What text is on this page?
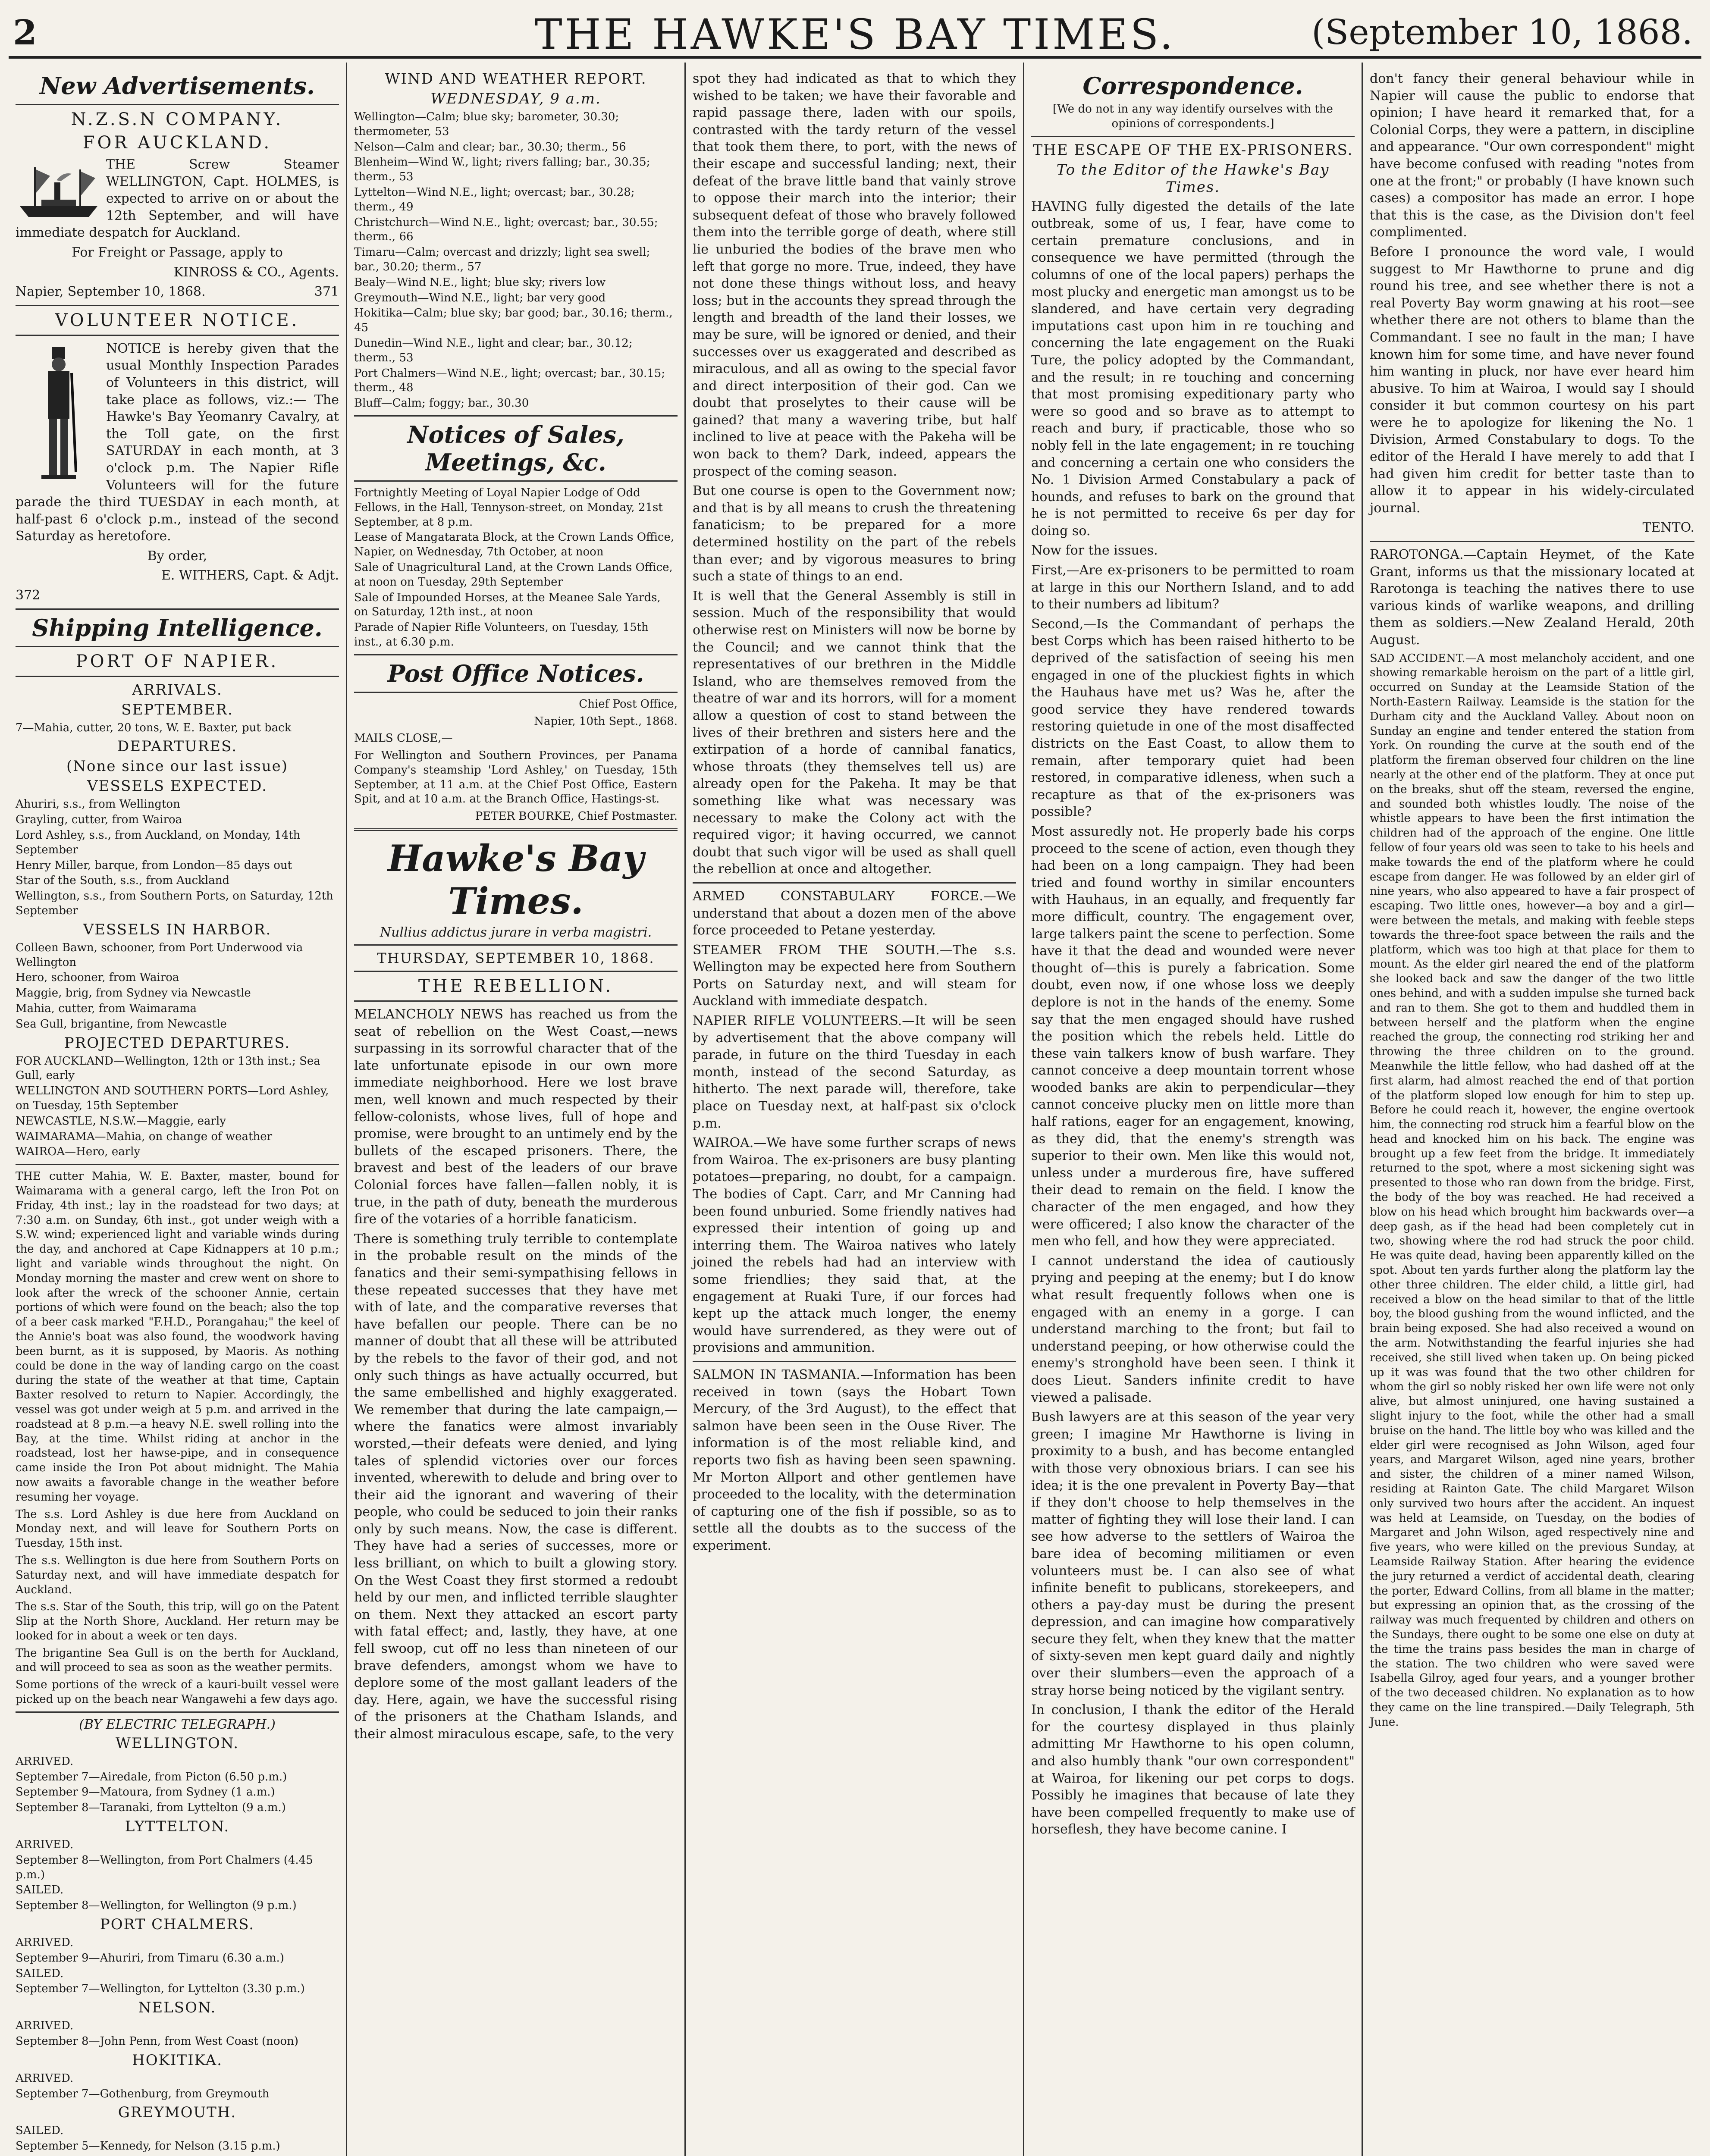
2	THE HAWKE'S BAY TIMES.	(September 10, 1868.
New Advertisements.
N.Z.S.N COMPANY.
FOR AUCKLAND.

THE Screw Steamer WELLINGTON, Capt. HOLMES, is expected to arrive on or about the 12th September, and will have immediate despatch for Auckland.

For Freight or Passage, apply to

KINROSS & CO., Agents.

Napier, September 10, 1868.	371

VOLUNTEER NOTICE.

NOTICE is hereby given that the usual Monthly Inspection Parades of Volunteers in this district, will take place as follows, viz.:— The Hawke's Bay Yeomanry Cavalry, at the Toll gate, on the first SATURDAY in each month, at 3 o'clock p.m. The Napier Rifle Volunteers will for the future parade the third TUESDAY in each month, at half-past 6 o'clock p.m., instead of the second Saturday as heretofore.

By order,

E. WITHERS, Capt. & Adjt.

372

Shipping Intelligence.
PORT OF NAPIER.
ARRIVALS.
SEPTEMBER.

7—Mahia, cutter, 20 tons, W. E. Baxter, put back

DEPARTURES.
(None since our last issue)
VESSELS EXPECTED.
Ahuriri, s.s., from Wellington
Grayling, cutter, from Wairoa
Lord Ashley, s.s., from Auckland, on Monday, 14th September
Henry Miller, barque, from London—85 days out
Star of the South, s.s., from Auckland
Wellington, s.s., from Southern Ports, on Saturday, 12th September
VESSELS IN HARBOR.
Colleen Bawn, schooner, from Port Underwood via Wellington
Hero, schooner, from Wairoa
Maggie, brig, from Sydney via Newcastle
Mahia, cutter, from Waimarama
Sea Gull, brigantine, from Newcastle
PROJECTED DEPARTURES.
FOR AUCKLAND—Wellington, 12th or 13th inst.; Sea Gull, early
WELLINGTON AND SOUTHERN PORTS—Lord Ashley, on Tuesday, 15th September
NEWCASTLE, N.S.W.—Maggie, early
WAIMARAMA—Mahia, on change of weather
WAIROA—Hero, early

THE cutter Mahia, W. E. Baxter, master, bound for Waimarama with a general cargo, left the Iron Pot on Friday, 4th inst.; lay in the roadstead for two days; at 7:30 a.m. on Sunday, 6th inst., got under weigh with a S.W. wind; experienced light and variable winds during the day, and anchored at Cape Kidnappers at 10 p.m.; light and variable winds throughout the night. On Monday morning the master and crew went on shore to look after the wreck of the schooner Annie, certain portions of which were found on the beach; also the top of a beer cask marked "F.H.D., Porangahau;" the keel of the Annie's boat was also found, the woodwork having been burnt, as it is supposed, by Maoris. As nothing could be done in the way of landing cargo on the coast during the state of the weather at that time, Captain Baxter resolved to return to Napier. Accordingly, the vessel was got under weigh at 5 p.m. and arrived in the roadstead at 8 p.m.—a heavy N.E. swell rolling into the Bay, at the time. Whilst riding at anchor in the roadstead, lost her hawse-pipe, and in consequence came inside the Iron Pot about midnight. The Mahia now awaits a favorable change in the weather before resuming her voyage.

The s.s. Lord Ashley is due here from Auckland on Monday next, and will leave for Southern Ports on Tuesday, 15th inst.

The s.s. Wellington is due here from Southern Ports on Saturday next, and will have immediate despatch for Auckland.

The s.s. Star of the South, this trip, will go on the Patent Slip at the North Shore, Auckland. Her return may be looked for in about a week or ten days.

The brigantine Sea Gull is on the berth for Auckland, and will proceed to sea as soon as the weather permits.

Some portions of the wreck of a kauri-built vessel were picked up on the beach near Wangawehi a few days ago.

(BY ELECTRIC TELEGRAPH.)
WELLINGTON.
ARRIVED.
September 7—Airedale, from Picton (6.50 p.m.)
September 9—Matoura, from Sydney (1 a.m.)
September 8—Taranaki, from Lyttelton (9 a.m.)
LYTTELTON.
ARRIVED.
September 8—Wellington, from Port Chalmers (4.45 p.m.)
SAILED.
September 8—Wellington, for Wellington (9 p.m.)
PORT CHALMERS.
ARRIVED.
September 9—Ahuriri, from Timaru (6.30 a.m.)
SAILED.
September 7—Wellington, for Lyttelton (3.30 p.m.)
NELSON.
ARRIVED.
September 8—John Penn, from West Coast (noon)
HOKITIKA.
ARRIVED.
September 7—Gothenburg, from Greymouth
GREYMOUTH.
SAILED.
September 5—Kennedy, for Nelson (3.15 p.m.)
WIND AND WEATHER REPORT.
WEDNESDAY, 9 a.m.
Wellington—Calm; blue sky; barometer, 30.30; thermometer, 53
Nelson—Calm and clear; bar., 30.30; therm., 56
Blenheim—Wind W., light; rivers falling; bar., 30.35; therm., 53
Lyttelton—Wind N.E., light; overcast; bar., 30.28; therm., 49
Christchurch—Wind N.E., light; overcast; bar., 30.55; therm., 66
Timaru—Calm; overcast and drizzly; light sea swell; bar., 30.20; therm., 57
Bealy—Wind N.E., light; blue sky; rivers low
Greymouth—Wind N.E., light; bar very good
Hokitika—Calm; blue sky; bar good; bar., 30.16; therm., 45
Dunedin—Wind N.E., light and clear; bar., 30.12; therm., 53
Port Chalmers—Wind N.E., light; overcast; bar., 30.15; therm., 48
Bluff—Calm; foggy; bar., 30.30
Notices of Sales, Meetings, &c.
Fortnightly Meeting of Loyal Napier Lodge of Odd Fellows, in the Hall, Tennyson-street, on Monday, 21st September, at 8 p.m.
Lease of Mangatarata Block, at the Crown Lands Office, Napier, on Wednesday, 7th October, at noon
Sale of Unagricultural Land, at the Crown Lands Office, at noon on Tuesday, 29th September
Sale of Impounded Horses, at the Meanee Sale Yards, on Saturday, 12th inst., at noon
Parade of Napier Rifle Volunteers, on Tuesday, 15th inst., at 6.30 p.m.
Post Office Notices.

Chief Post Office,

Napier, 10th Sept., 1868.

MAILS CLOSE,—

For Wellington and Southern Provinces, per Panama Company's steamship 'Lord Ashley,' on Tuesday, 15th September, at 11 a.m. at the Chief Post Office, Eastern Spit, and at 10 a.m. at the Branch Office, Hastings-st.

PETER BOURKE, Chief Postmaster.

Hawke's Bay Times.
Nullius addictus jurare in verba magistri.
THURSDAY, SEPTEMBER 10, 1868.
THE REBELLION.

MELANCHOLY NEWS has reached us from the seat of rebellion on the West Coast,—news surpassing in its sorrowful character that of the late unfortunate episode in our own more immediate neighborhood. Here we lost brave men, well known and much respected by their fellow-colonists, whose lives, full of hope and promise, were brought to an untimely end by the bullets of the escaped prisoners. There, the bravest and best of the leaders of our brave Colonial forces have fallen—fallen nobly, it is true, in the path of duty, beneath the murderous fire of the votaries of a horrible fanaticism.

There is something truly terrible to contemplate in the probable result on the minds of the fanatics and their semi-sympathising fellows in these repeated successes that they have met with of late, and the comparative reverses that have befallen our people. There can be no manner of doubt that all these will be attributed by the rebels to the favor of their god, and not only such things as have actually occurred, but the same embellished and highly exaggerated. We remember that during the late campaign,—where the fanatics were almost invariably worsted,—their defeats were denied, and lying tales of splendid victories over our forces invented, wherewith to delude and bring over to their aid the ignorant and wavering of their people, who could be seduced to join their ranks only by such means. Now, the case is different. They have had a series of successes, more or less brilliant, on which to built a glowing story. On the West Coast they first stormed a redoubt held by our men, and inflicted terrible slaughter on them. Next they attacked an escort party with fatal effect; and, lastly, they have, at one fell swoop, cut off no less than nineteen of our brave defenders, amongst whom we have to deplore some of the most gallant leaders of the day. Here, again, we have the successful rising of the prisoners at the Chatham Islands, and their almost miraculous escape, safe, to the very

spot they had indicated as that to which they wished to be taken; we have their favorable and rapid passage there, laden with our spoils, contrasted with the tardy return of the vessel that took them there, to port, with the news of their escape and successful landing; next, their defeat of the brave little band that vainly strove to oppose their march into the interior; their subsequent defeat of those who bravely followed them into the terrible gorge of death, where still lie unburied the bodies of the brave men who left that gorge no more. True, indeed, they have not done these things without loss, and heavy loss; but in the accounts they spread through the length and breadth of the land their losses, we may be sure, will be ignored or denied, and their successes over us exaggerated and described as miraculous, and all as owing to the special favor and direct interposition of their god. Can we doubt that proselytes to their cause will be gained? that many a wavering tribe, but half inclined to live at peace with the Pakeha will be won back to them? Dark, indeed, appears the prospect of the coming season.

But one course is open to the Government now; and that is by all means to crush the threatening fanaticism; to be prepared for a more determined hostility on the part of the rebels than ever; and by vigorous measures to bring such a state of things to an end.

It is well that the General Assembly is still in session. Much of the responsibility that would otherwise rest on Ministers will now be borne by the Council; and we cannot think that the representatives of our brethren in the Middle Island, who are themselves removed from the theatre of war and its horrors, will for a moment allow a question of cost to stand between the lives of their brethren and sisters here and the extirpation of a horde of cannibal fanatics, whose throats (they themselves tell us) are already open for the Pakeha. It may be that something like what was necessary was necessary to make the Colony act with the required vigor; it having occurred, we cannot doubt that such vigor will be used as shall quell the rebellion at once and altogether.

ARMED CONSTABULARY FORCE.—We understand that about a dozen men of the above force proceeded to Petane yesterday.

STEAMER FROM THE SOUTH.—The s.s. Wellington may be expected here from Southern Ports on Saturday next, and will steam for Auckland with immediate despatch.

NAPIER RIFLE VOLUNTEERS.—It will be seen by advertisement that the above company will parade, in future on the third Tuesday in each month, instead of the second Saturday, as hitherto. The next parade will, therefore, take place on Tuesday next, at half-past six o'clock p.m.

WAIROA.—We have some further scraps of news from Wairoa. The ex-prisoners are busy planting potatoes—preparing, no doubt, for a campaign. The bodies of Capt. Carr, and Mr Canning had been found unburied. Some friendly natives had expressed their intention of going up and interring them. The Wairoa natives who lately joined the rebels had had an interview with some friendlies; they said that, at the engagement at Ruaki Ture, if our forces had kept up the attack much longer, the enemy would have surrendered, as they were out of provisions and ammunition.

SALMON IN TASMANIA.—Information has been received in town (says the Hobart Town Mercury, of the 3rd August), to the effect that salmon have been seen in the Ouse River. The information is of the most reliable kind, and reports two fish as having been seen spawning. Mr Morton Allport and other gentlemen have proceeded to the locality, with the determination of capturing one of the fish if possible, so as to settle all the doubts as to the success of the experiment.

Correspondence.

[We do not in any way identify ourselves with the opinions of correspondents.]

THE ESCAPE OF THE EX-PRISONERS.
To the Editor of the Hawke's Bay Times.

HAVING fully digested the details of the late outbreak, some of us, I fear, have come to certain premature conclusions, and in consequence we have permitted (through the columns of one of the local papers) perhaps the most plucky and energetic man amongst us to be slandered, and have certain very degrading imputations cast upon him in re touching and concerning the late engagement on the Ruaki Ture, the policy adopted by the Commandant, and the result; in re touching and concerning that most promising expeditionary party who were so good and so brave as to attempt to reach and bury, if practicable, those who so nobly fell in the late engagement; in re touching and concerning a certain one who considers the No. 1 Division Armed Constabulary a pack of hounds, and refuses to bark on the ground that he is not permitted to receive 6s per day for doing so.

Now for the issues.

First,—Are ex-prisoners to be permitted to roam at large in this our Northern Island, and to add to their numbers ad libitum?

Second,—Is the Commandant of perhaps the best Corps which has been raised hitherto to be deprived of the satisfaction of seeing his men engaged in one of the pluckiest fights in which the Hauhaus have met us? Was he, after the good service they have rendered towards restoring quietude in one of the most disaffected districts on the East Coast, to allow them to remain, after temporary quiet had been restored, in comparative idleness, when such a recapture as that of the ex-prisoners was possible?

Most assuredly not. He properly bade his corps proceed to the scene of action, even though they had been on a long campaign. They had been tried and found worthy in similar encounters with Hauhaus, in an equally, and frequently far more difficult, country. The engagement over, large talkers paint the scene to perfection. Some have it that the dead and wounded were never thought of—this is purely a fabrication. Some doubt, even now, if one whose loss we deeply deplore is not in the hands of the enemy. Some say that the men engaged should have rushed the position which the rebels held. Little do these vain talkers know of bush warfare. They cannot conceive a deep mountain torrent whose wooded banks are akin to perpendicular—they cannot conceive plucky men on little more than half rations, eager for an engagement, knowing, as they did, that the enemy's strength was superior to their own. Men like this would not, unless under a murderous fire, have suffered their dead to remain on the field. I know the character of the men engaged, and how they were officered; I also know the character of the men who fell, and how they were appreciated.

I cannot understand the idea of cautiously prying and peeping at the enemy; but I do know what result frequently follows when one is engaged with an enemy in a gorge. I can understand marching to the front; but fail to understand peeping, or how otherwise could the enemy's stronghold have been seen. I think it does Lieut. Sanders infinite credit to have viewed a palisade.

Bush lawyers are at this season of the year very green; I imagine Mr Hawthorne is living in proximity to a bush, and has become entangled with those very obnoxious briars. I can see his idea; it is the one prevalent in Poverty Bay—that if they don't choose to help themselves in the matter of fighting they will lose their land. I can see how adverse to the settlers of Wairoa the bare idea of becoming militiamen or even volunteers must be. I can also see of what infinite benefit to publicans, storekeepers, and others a pay-day must be during the present depression, and can imagine how comparatively secure they felt, when they knew that the matter of sixty-seven men kept guard daily and nightly over their slumbers—even the approach of a stray horse being noticed by the vigilant sentry.

In conclusion, I thank the editor of the Herald for the courtesy displayed in thus plainly admitting Mr Hawthorne to his open column, and also humbly thank "our own correspondent" at Wairoa, for likening our pet corps to dogs. Possibly he imagines that because of late they have been compelled frequently to make use of horseflesh, they have become canine. I

don't fancy their general behaviour while in Napier will cause the public to endorse that opinion; I have heard it remarked that, for a Colonial Corps, they were a pattern, in discipline and appearance. "Our own correspondent" might have become confused with reading "notes from one at the front;" or probably (I have known such cases) a compositor has made an error. I hope that this is the case, as the Division don't feel complimented.

Before I pronounce the word vale, I would suggest to Mr Hawthorne to prune and dig round his tree, and see whether there is not a real Poverty Bay worm gnawing at his root—see whether there are not others to blame than the Commandant. I see no fault in the man; I have known him for some time, and have never found him wanting in pluck, nor have ever heard him abusive. To him at Wairoa, I would say I should consider it but common courtesy on his part were he to apologize for likening the No. 1 Division, Armed Constabulary to dogs. To the editor of the Herald I have merely to add that I had given him credit for better taste than to allow it to appear in his widely-circulated journal.

TENTO.

RAROTONGA.—Captain Heymet, of the Kate Grant, informs us that the missionary located at Rarotonga is teaching the natives there to use various kinds of warlike weapons, and drilling them as soldiers.—New Zealand Herald, 20th August.

SAD ACCIDENT.—A most melancholy accident, and one showing remarkable heroism on the part of a little girl, occurred on Sunday at the Leamside Station of the North-Eastern Railway. Leamside is the station for the Durham city and the Auckland Valley. About noon on Sunday an engine and tender entered the station from York. On rounding the curve at the south end of the platform the fireman observed four children on the line nearly at the other end of the platform. They at once put on the breaks, shut off the steam, reversed the engine, and sounded both whistles loudly. The noise of the whistle appears to have been the first intimation the children had of the approach of the engine. One little fellow of four years old was seen to take to his heels and make towards the end of the platform where he could escape from danger. He was followed by an elder girl of nine years, who also appeared to have a fair prospect of escaping. Two little ones, however—a boy and a girl—were between the metals, and making with feeble steps towards the three-foot space between the rails and the platform, which was too high at that place for them to mount. As the elder girl neared the end of the platform she looked back and saw the danger of the two little ones behind, and with a sudden impulse she turned back and ran to them. She got to them and huddled them in between herself and the platform when the engine reached the group, the connecting rod striking her and throwing the three children on to the ground. Meanwhile the little fellow, who had dashed off at the first alarm, had almost reached the end of that portion of the platform sloped low enough for him to step up. Before he could reach it, however, the engine overtook him, the connecting rod struck him a fearful blow on the head and knocked him on his back. The engine was brought up a few feet from the bridge. It immediately returned to the spot, where a most sickening sight was presented to those who ran down from the bridge. First, the body of the boy was reached. He had received a blow on his head which brought him backwards over—a deep gash, as if the head had been completely cut in two, showing where the rod had struck the poor child. He was quite dead, having been apparently killed on the spot. About ten yards further along the platform lay the other three children. The elder child, a little girl, had received a blow on the head similar to that of the little boy, the blood gushing from the wound inflicted, and the brain being exposed. She had also received a wound on the arm. Notwithstanding the fearful injuries she had received, she still lived when taken up. On being picked up it was was found that the two other children for whom the girl so nobly risked her own life were not only alive, but almost uninjured, one having sustained a slight injury to the foot, while the other had a small bruise on the hand. The little boy who was killed and the elder girl were recognised as John Wilson, aged four years, and Margaret Wilson, aged nine years, brother and sister, the children of a miner named Wilson, residing at Rainton Gate. The child Margaret Wilson only survived two hours after the accident. An inquest was held at Leamside, on Tuesday, on the bodies of Margaret and John Wilson, aged respectively nine and five years, who were killed on the previous Sunday, at Leamside Railway Station. After hearing the evidence the jury returned a verdict of accidental death, clearing the porter, Edward Collins, from all blame in the matter; but expressing an opinion that, as the crossing of the railway was much frequented by children and others on the Sundays, there ought to be some one else on duty at the time the trains pass besides the man in charge of the station. The two children who were saved were Isabella Gilroy, aged four years, and a younger brother of the two deceased children. No explanation as to how they came on the line transpired.—Daily Telegraph, 5th June.
